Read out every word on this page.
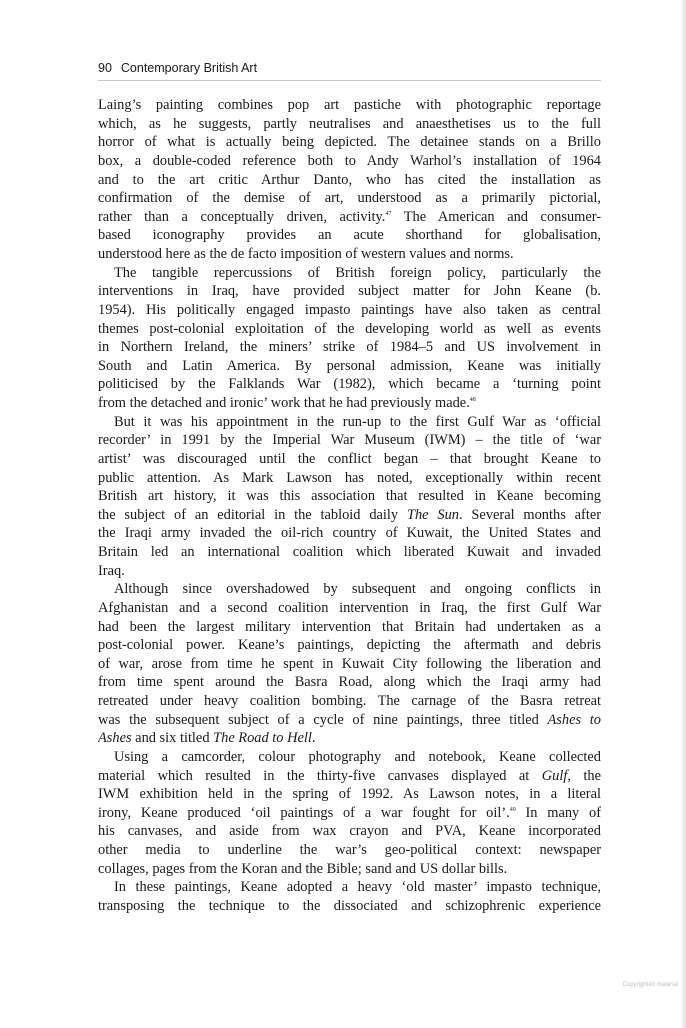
90 Contemporary British Art
Laing’s painting combines pop art pastiche with photographic reportage
which, as he suggests, partly neutralises and anaesthetises us to the full
horror of what is actually being depicted. The detainee stands on a Brillo
box, a double-coded reference both to Andy Warhol’s installation of 1964
and to the art critic Arthur Danto, who has cited the installation as
confirmation of the demise of art, understood as a primarily pictorial,
rather than a conceptually driven, activity.$^{47}$ The American and consumer-
based iconography provides an acute shorthand for globalisation,
understood here as the de facto imposition of western values and norms.
The tangible repercussions of British foreign policy, particularly the
interventions in Iraq, have provided subject matter for John Keane (b.
1954). His politically engaged impasto paintings have also taken as central
themes post-colonial exploitation of the developing world as well as events
in Northern Ireland, the miners’ strike of 1984–5 and US involvement in
South and Latin America. By personal admission, Keane was initially
politicised by the Falklands War (1982), which became a ‘turning point
from the detached and ironic’ work that he had previously made.$^{48}$
But it was his appointment in the run-up to the first Gulf War as ‘official
recorder’ in 1991 by the Imperial War Museum (IWM) – the title of ‘war
artist’ was discouraged until the conflict began – that brought Keane to
public attention. As Mark Lawson has noted, exceptionally within recent
British art history, it was this association that resulted in Keane becoming
the subject of an editorial in the tabloid daily The Sun. Several months after
the Iraqi army invaded the oil-rich country of Kuwait, the United States and
Britain led an international coalition which liberated Kuwait and invaded
Iraq.
Although since overshadowed by subsequent and ongoing conflicts in
Afghanistan and a second coalition intervention in Iraq, the first Gulf War
had been the largest military intervention that Britain had undertaken as a
post-colonial power. Keane’s paintings, depicting the aftermath and debris
of war, arose from time he spent in Kuwait City following the liberation and
from time spent around the Basra Road, along which the Iraqi army had
retreated under heavy coalition bombing. The carnage of the Basra retreat
was the subsequent subject of a cycle of nine paintings, three titled Ashes to
Ashes and six titled The Road to Hell.
Using a camcorder, colour photography and notebook, Keane collected
material which resulted in the thirty-five canvases displayed at Gulf, the
IWM exhibition held in the spring of 1992. As Lawson notes, in a literal
irony, Keane produced ‘oil paintings of a war fought for oil’.$^{49}$ In many of
his canvases, and aside from wax crayon and PVA, Keane incorporated
other media to underline the war’s geo-political context: newspaper
collages, pages from the Koran and the Bible; sand and US dollar bills.
In these paintings, Keane adopted a heavy ‘old master’ impasto technique,
transposing the technique to the dissociated and schizophrenic experience
Copyrighted material
